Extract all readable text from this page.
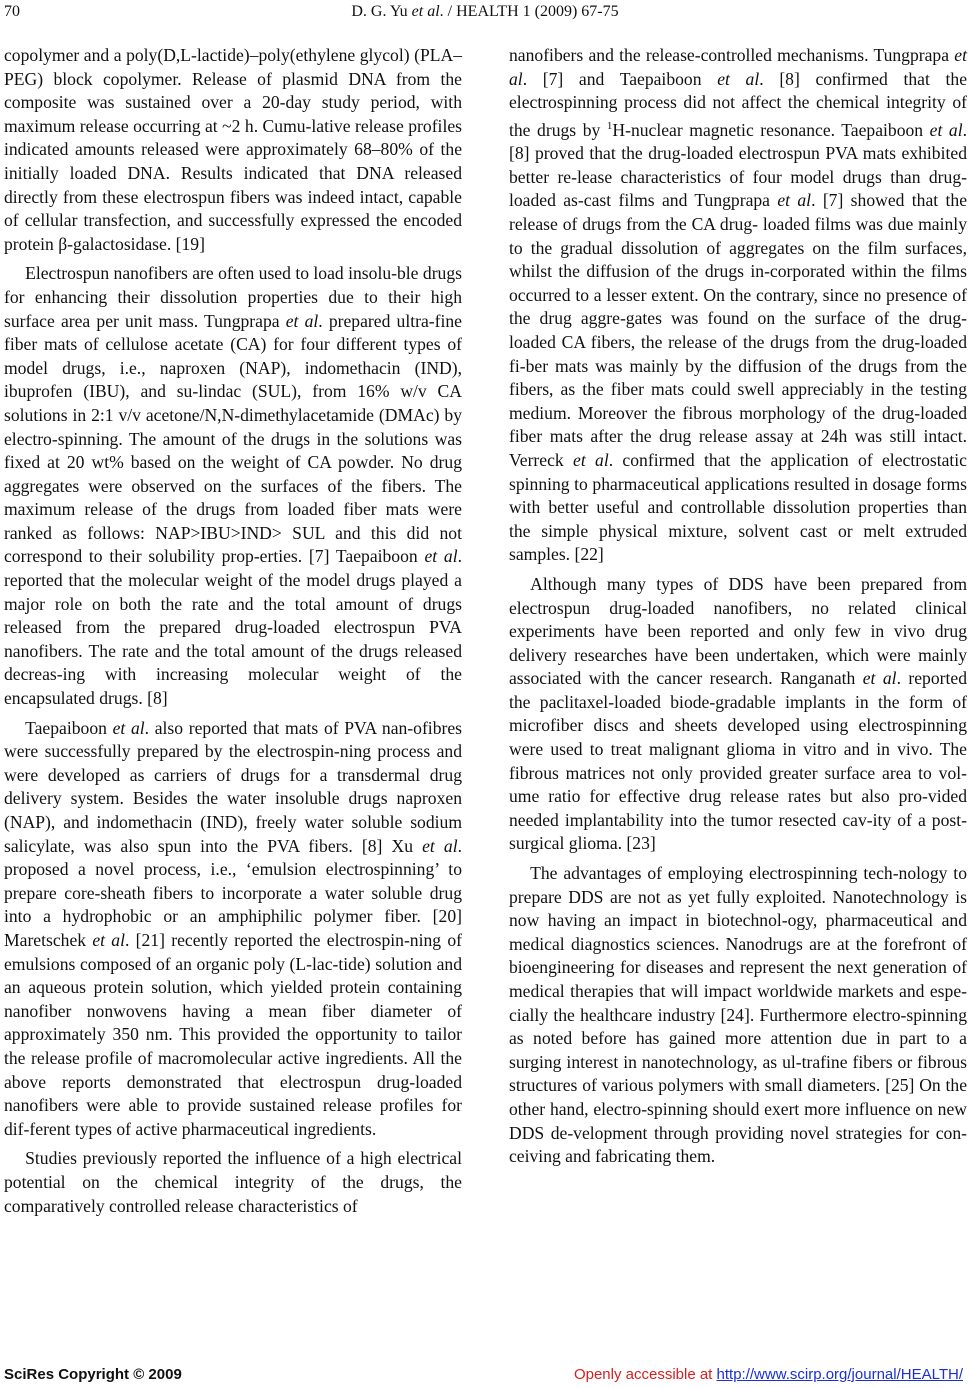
70	D. G. Yu et al. / HEALTH 1 (2009) 67-75

copolymer and a poly(D,L-lactide)–poly(ethylene glycol) (PLA– PEG) block copolymer. Release of plasmid DNA from the composite was sustained over a 20-day study period, with maximum release occurring at ~2 h. Cumu-lative release profiles indicated amounts released were approximately 68–80% of the initially loaded DNA. Results indicated that DNA released directly from these electrospun fibers was indeed intact, capable of cellular transfection, and successfully expressed the encoded protein β-galactosidase. [19]

Electrospun nanofibers are often used to load insolu-ble drugs for enhancing their dissolution properties due to their high surface area per unit mass. Tungprapa et al. prepared ultra-fine fiber mats of cellulose acetate (CA) for four different types of model drugs, i.e., naproxen (NAP), indomethacin (IND), ibuprofen (IBU), and su-lindac (SUL), from 16% w/v CA solutions in 2:1 v/v acetone/N,N-dimethylacetamide (DMAc) by electro-spinning. The amount of the drugs in the solutions was fixed at 20 wt% based on the weight of CA powder. No drug aggregates were observed on the surfaces of the fibers. The maximum release of the drugs from loaded fiber mats were ranked as follows: NAP>IBU>IND> SUL and this did not correspond to their solubility prop-erties. [7] Taepaiboon et al. reported that the molecular weight of the model drugs played a major role on both the rate and the total amount of drugs released from the prepared drug-loaded electrospun PVA nanofibers. The rate and the total amount of the drugs released decreas-ing with increasing molecular weight of the encapsulated drugs. [8]

Taepaiboon et al. also reported that mats of PVA nan-ofibres were successfully prepared by the electrospin-ning process and were developed as carriers of drugs for a transdermal drug delivery system. Besides the water insoluble drugs naproxen (NAP), and indomethacin (IND), freely water soluble sodium salicylate, was also spun into the PVA fibers. [8] Xu et al. proposed a novel process, i.e., ‘emulsion electrospinning’ to prepare core-sheath fibers to incorporate a water soluble drug into a hydrophobic or an amphiphilic polymer fiber. [20] Maretschek et al. [21] recently reported the electrospin-ning of emulsions composed of an organic poly (L-lac-tide) solution and an aqueous protein solution, which yielded protein containing nanofiber nonwovens having a mean fiber diameter of approximately 350 nm. This provided the opportunity to tailor the release profile of macromolecular active ingredients. All the above reports demonstrated that electrospun drug-loaded nanofibers were able to provide sustained release profiles for dif-ferent types of active pharmaceutical ingredients.

Studies previously reported the influence of a high electrical potential on the chemical integrity of the drugs, the comparatively controlled release characteristics of

nanofibers and the release-controlled mechanisms. Tungprapa et al. [7] and Taepaiboon et al. [8] confirmed that the electrospinning process did not affect the chemical integrity of the drugs by $^1$H-nuclear magnetic resonance. Taepaiboon et al. [8] proved that the drug-loaded electrospun PVA mats exhibited better re-lease characteristics of four model drugs than drug-loaded as-cast films and Tungprapa et al. [7] showed that the release of drugs from the CA drug- loaded films was due mainly to the gradual dissolution of aggregates on the film surfaces, whilst the diffusion of the drugs in-corporated within the films occurred to a lesser extent. On the contrary, since no presence of the drug aggre-gates was found on the surface of the drug-loaded CA fibers, the release of the drugs from the drug-loaded fi-ber mats was mainly by the diffusion of the drugs from the fibers, as the fiber mats could swell appreciably in the testing medium. Moreover the fibrous morphology of the drug-loaded fiber mats after the drug release assay at 24h was still intact. Verreck et al. confirmed that the application of electrostatic spinning to pharmaceutical applications resulted in dosage forms with better useful and controllable dissolution properties than the simple physical mixture, solvent cast or melt extruded samples. [22]

Although many types of DDS have been prepared from electrospun drug-loaded nanofibers, no related clinical experiments have been reported and only few in vivo drug delivery researches have been undertaken, which were mainly associated with the cancer research. Ranganath et al. reported the paclitaxel-loaded biode-gradable implants in the form of microfiber discs and sheets developed using electrospinning were used to treat malignant glioma in vitro and in vivo. The fibrous matrices not only provided greater surface area to vol-ume ratio for effective drug release rates but also pro-vided needed implantability into the tumor resected cav-ity of a post-surgical glioma. [23]

The advantages of employing electrospinning tech-nology to prepare DDS are not as yet fully exploited. Nanotechnology is now having an impact in biotechnol-ogy, pharmaceutical and medical diagnostics sciences. Nanodrugs are at the forefront of bioengineering for diseases and represent the next generation of medical therapies that will impact worldwide markets and espe-cially the healthcare industry [24]. Furthermore electro-spinning as noted before has gained more attention due in part to a surging interest in nanotechnology, as ul-trafine fibers or fibrous structures of various polymers with small diameters. [25] On the other hand, electro-spinning should exert more influence on new DDS de-velopment through providing novel strategies for con-ceiving and fabricating them.

SciRes Copyright © 2009	Openly accessible at http://www.scirp.org/journal/HEALTH/
